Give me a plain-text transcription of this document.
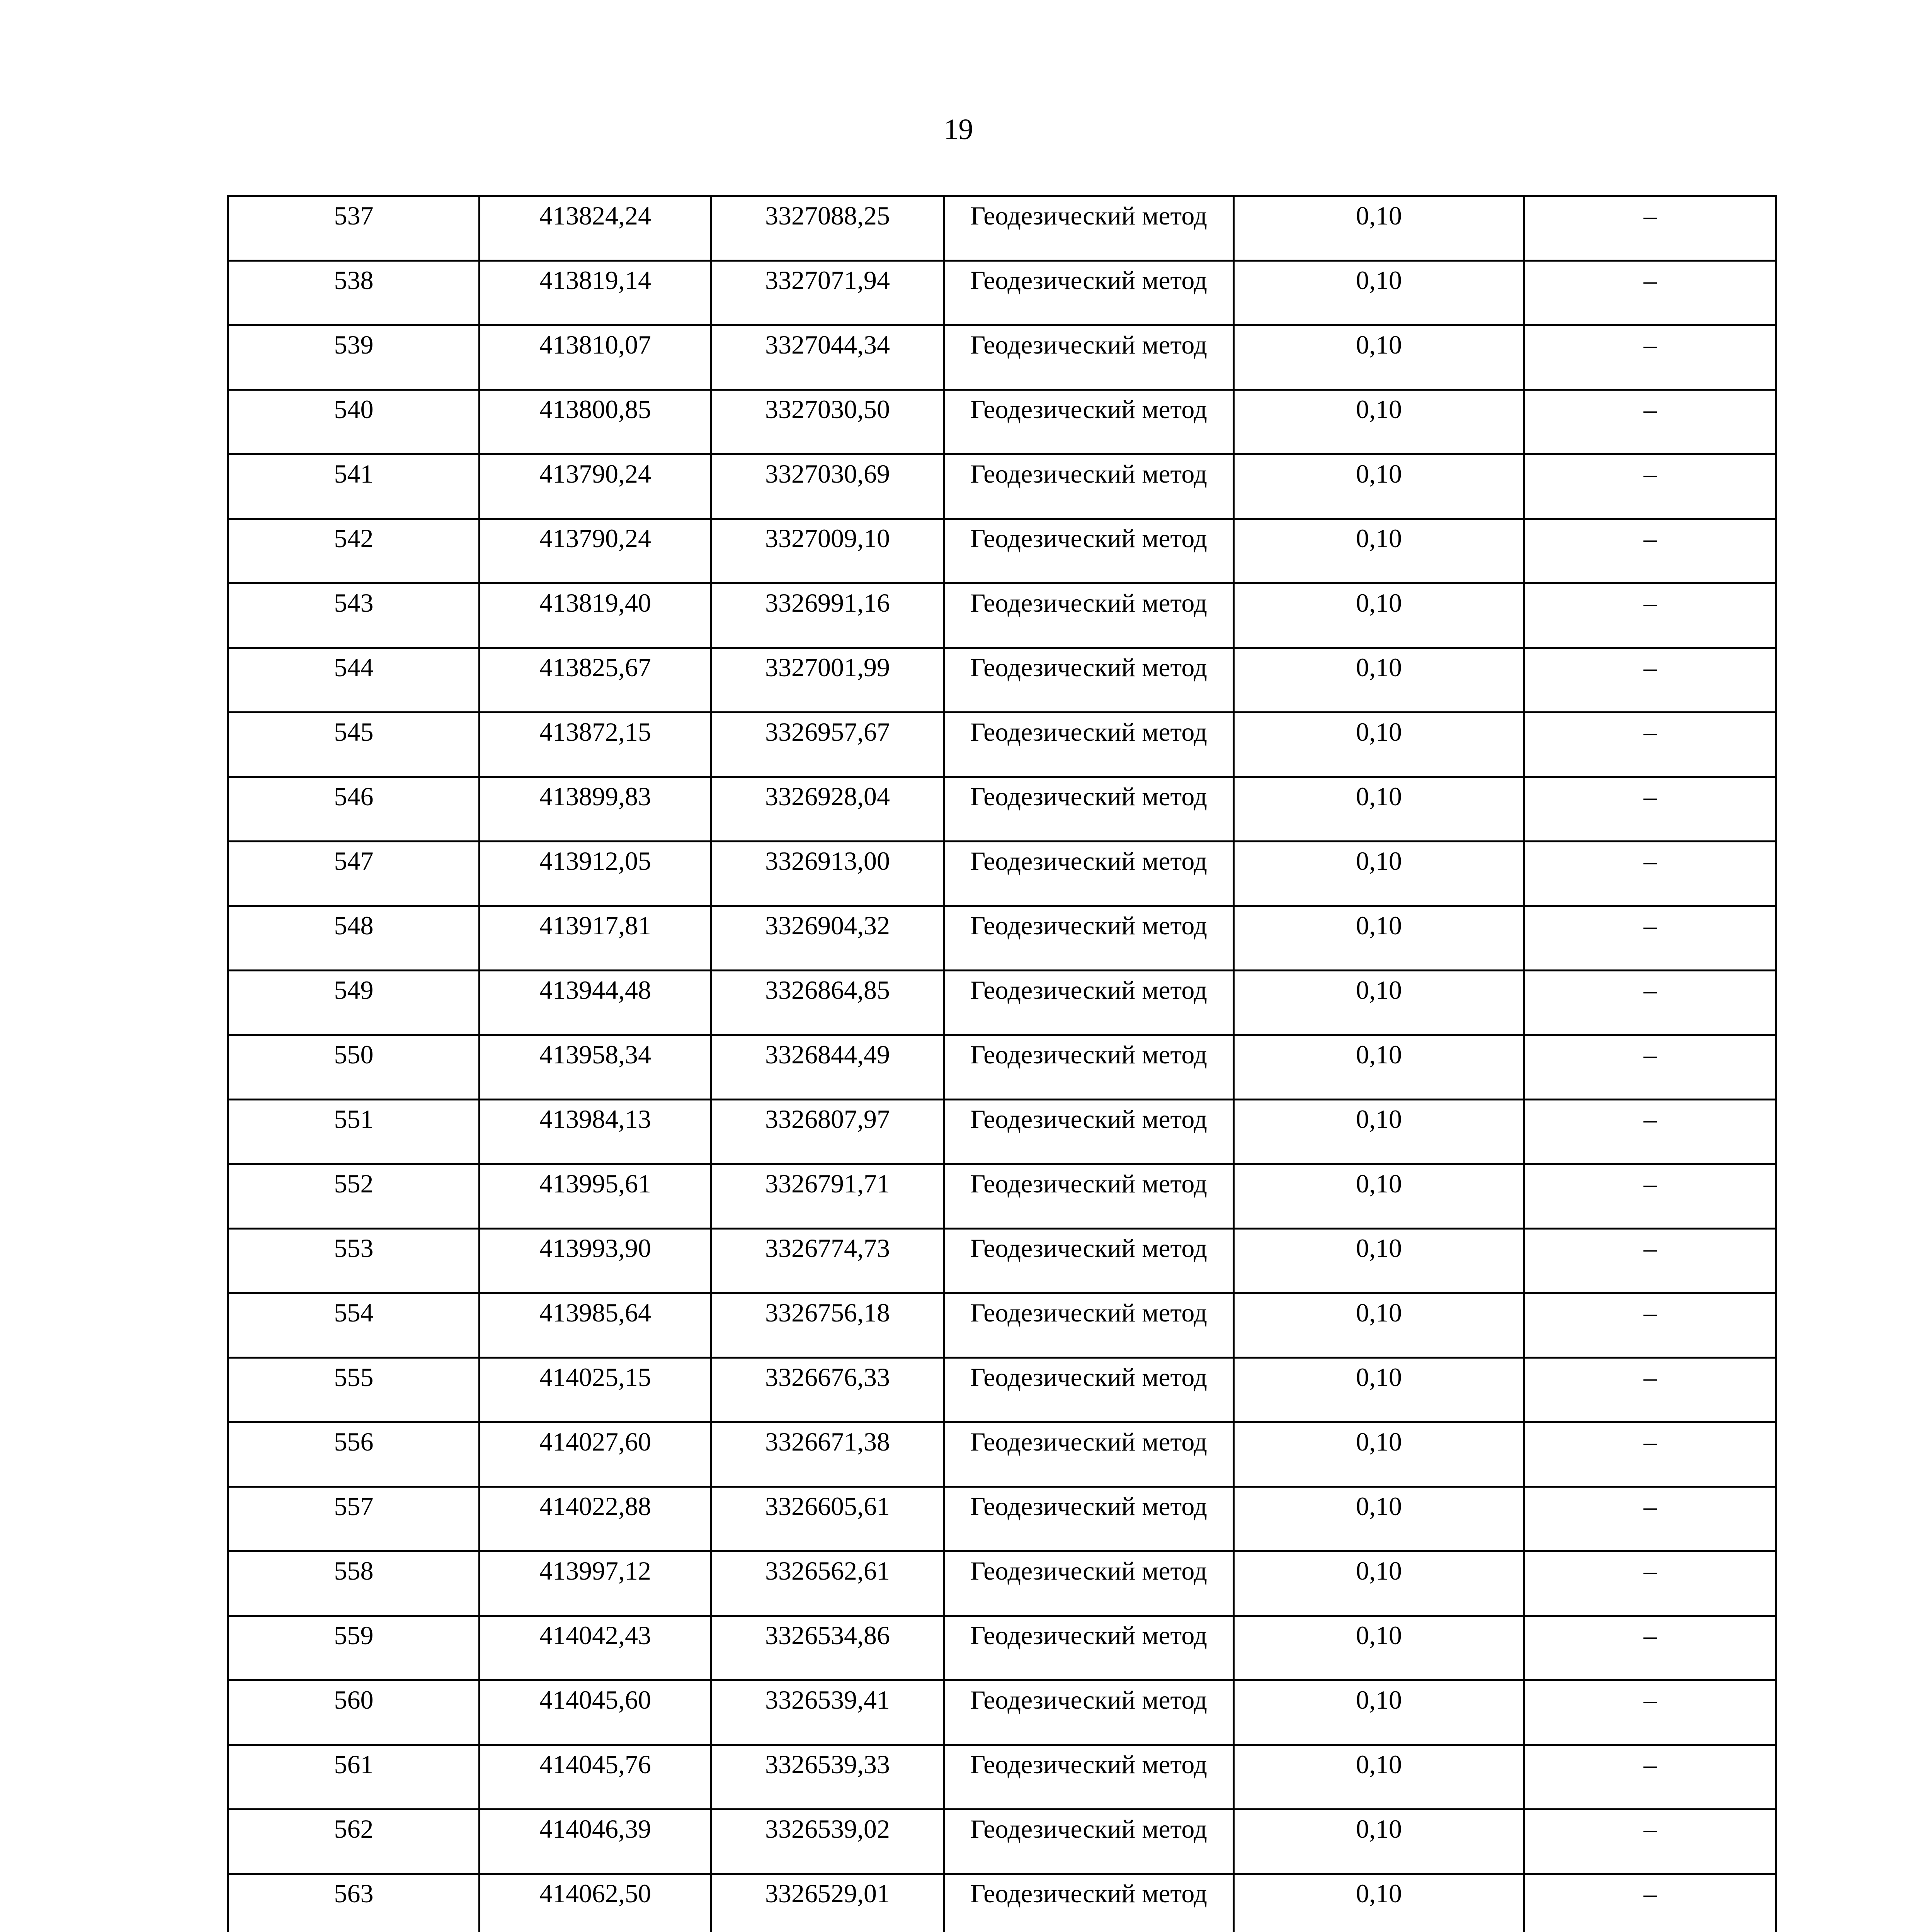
19
537	413824,24	3327088,25	Геодезический метод	0,10	–

538	413819,14	3327071,94	Геодезический метод	0,10	–

539	413810,07	3327044,34	Геодезический метод	0,10	–

540	413800,85	3327030,50	Геодезический метод	0,10	–

541	413790,24	3327030,69	Геодезический метод	0,10	–

542	413790,24	3327009,10	Геодезический метод	0,10	–

543	413819,40	3326991,16	Геодезический метод	0,10	–

544	413825,67	3327001,99	Геодезический метод	0,10	–

545	413872,15	3326957,67	Геодезический метод	0,10	–

546	413899,83	3326928,04	Геодезический метод	0,10	–

547	413912,05	3326913,00	Геодезический метод	0,10	–

548	413917,81	3326904,32	Геодезический метод	0,10	–

549	413944,48	3326864,85	Геодезический метод	0,10	–

550	413958,34	3326844,49	Геодезический метод	0,10	–

551	413984,13	3326807,97	Геодезический метод	0,10	–

552	413995,61	3326791,71	Геодезический метод	0,10	–

553	413993,90	3326774,73	Геодезический метод	0,10	–

554	413985,64	3326756,18	Геодезический метод	0,10	–

555	414025,15	3326676,33	Геодезический метод	0,10	–

556	414027,60	3326671,38	Геодезический метод	0,10	–

557	414022,88	3326605,61	Геодезический метод	0,10	–

558	413997,12	3326562,61	Геодезический метод	0,10	–

559	414042,43	3326534,86	Геодезический метод	0,10	–

560	414045,60	3326539,41	Геодезический метод	0,10	–

561	414045,76	3326539,33	Геодезический метод	0,10	–

562	414046,39	3326539,02	Геодезический метод	0,10	–

563	414062,50	3326529,01	Геодезический метод	0,10	–
